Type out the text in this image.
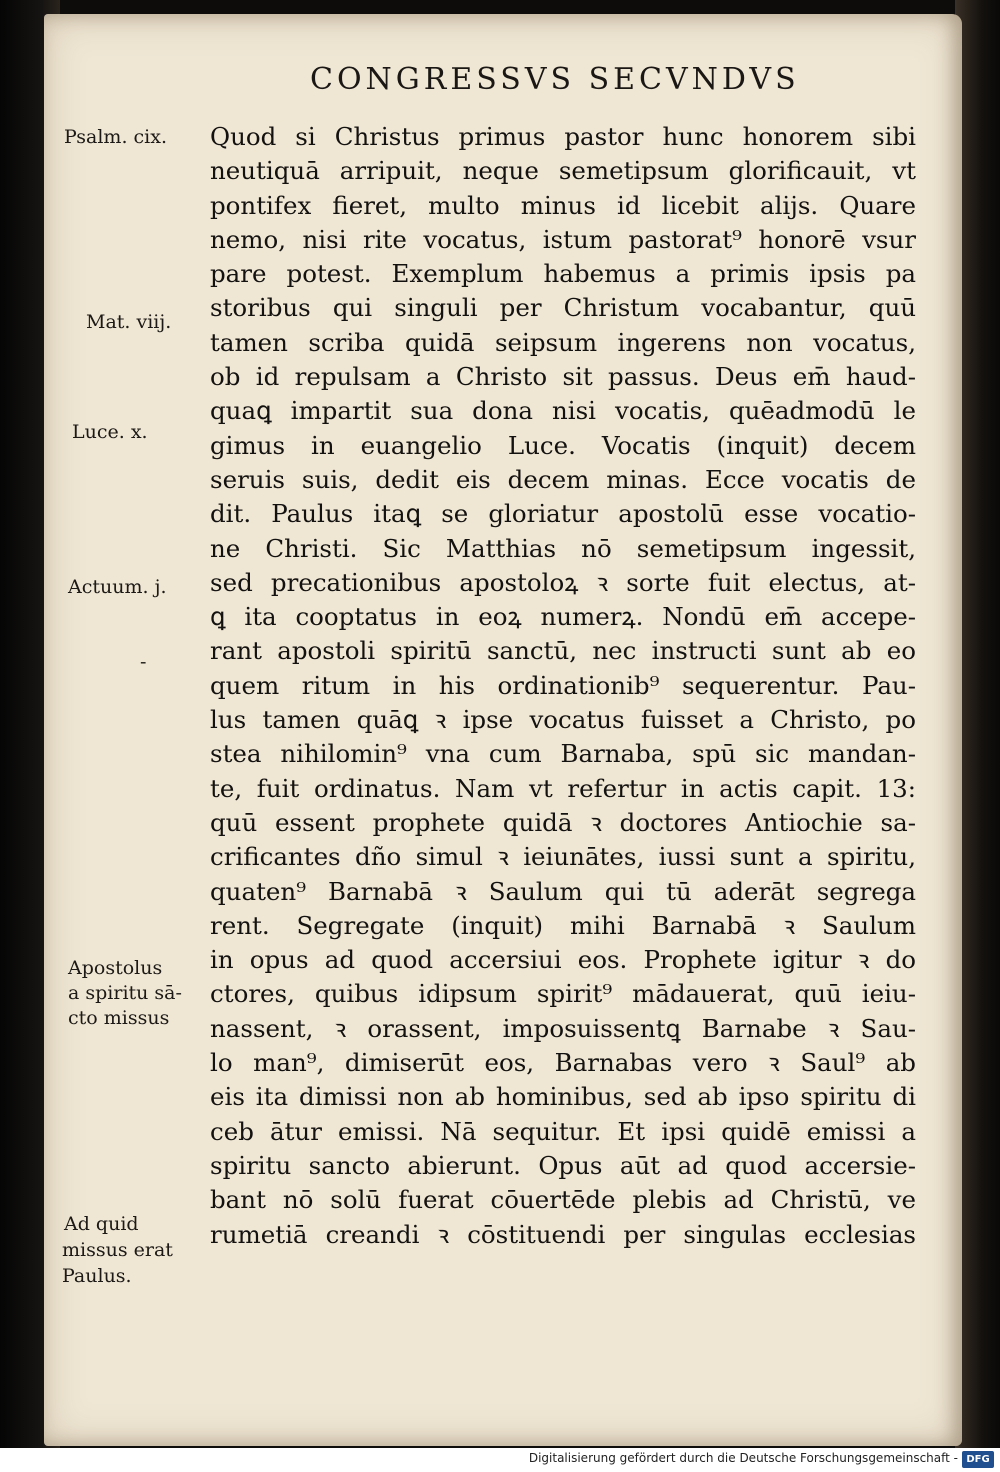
CONGRESSVS SECVNDVS
Psalm. cix.
Mat. viij.
Luce. x.
Actuum. j.
-
Apostolus
a spiritu sā-
cto missus
Ad quid
missus erat
Paulus.
Quod si Christus primus pastor hunc honorem sibi
neutiquā arripuit, neque semetipsum glorificauit, vt
pontifex fieret, multo minus id licebit alijs. Quare
nemo, nisi rite vocatus, istum pastorat⁹ honorē vsur
pare potest. Exemplum habemus a primis ipsis pa
storibus qui singuli per Christum vocabantur, quū
tamen scriba quidā seipsum ingerens non vocatus,
ob id repulsam a Christo sit passus. Deus em̄ haud-
quaꝗ impartit sua dona nisi vocatis, quēadmodū le
gimus in euangelio Luce. Vocatis (inquit) decem
seruis suis, dedit eis decem minas. Ecce vocatis de
dit. Paulus itaꝗ se gloriatur apostolū esse vocatio-
ne Christi. Sic Matthias nō semetipsum ingessit,
sed precationibus apostoloꝝ ꝛ sorte fuit electus, at-
ꝗ ita cooptatus in eoꝝ numerꝝ. Nondū em̄ accepe-
rant apostoli spiritū sanctū, nec instructi sunt ab eo
quem ritum in his ordinationib⁹ sequerentur. Pau-
lus tamen quāꝗ ꝛ ipse vocatus fuisset a Christo, po
stea nihilomin⁹ vna cum Barnaba, spū sic mandan-
te, fuit ordinatus. Nam vt refertur in actis capit. 13:
quū essent prophete quidā ꝛ doctores Antiochie sa-
crificantes dño simul ꝛ ieiunātes, iussi sunt a spiritu,
quaten⁹ Barnabā ꝛ Saulum qui tū aderāt segrega
rent. Segregate (inquit) mihi Barnabā ꝛ Saulum
in opus ad quod accersiui eos. Prophete igitur ꝛ do
ctores, quibus idipsum spirit⁹ mādauerat, quū ieiu-
nassent, ꝛ orassent, imposuissentꝗ Barnabe ꝛ Sau-
lo man⁹, dimiserūt eos, Barnabas vero ꝛ Saul⁹ ab
eis ita dimissi non ab hominibus, sed ab ipso spiritu di
ceb ātur emissi. Nā sequitur. Et ipsi quidē emissi a
spiritu sancto abierunt. Opus aūt ad quod accersie-
bant nō solū fuerat cōuertēde plebis ad Christū, ve
rumetiā creandi ꝛ cōstituendi per singulas ecclesias
Digitalisierung gefördert durch die Deutsche Forschungsgemeinschaft - DFG
